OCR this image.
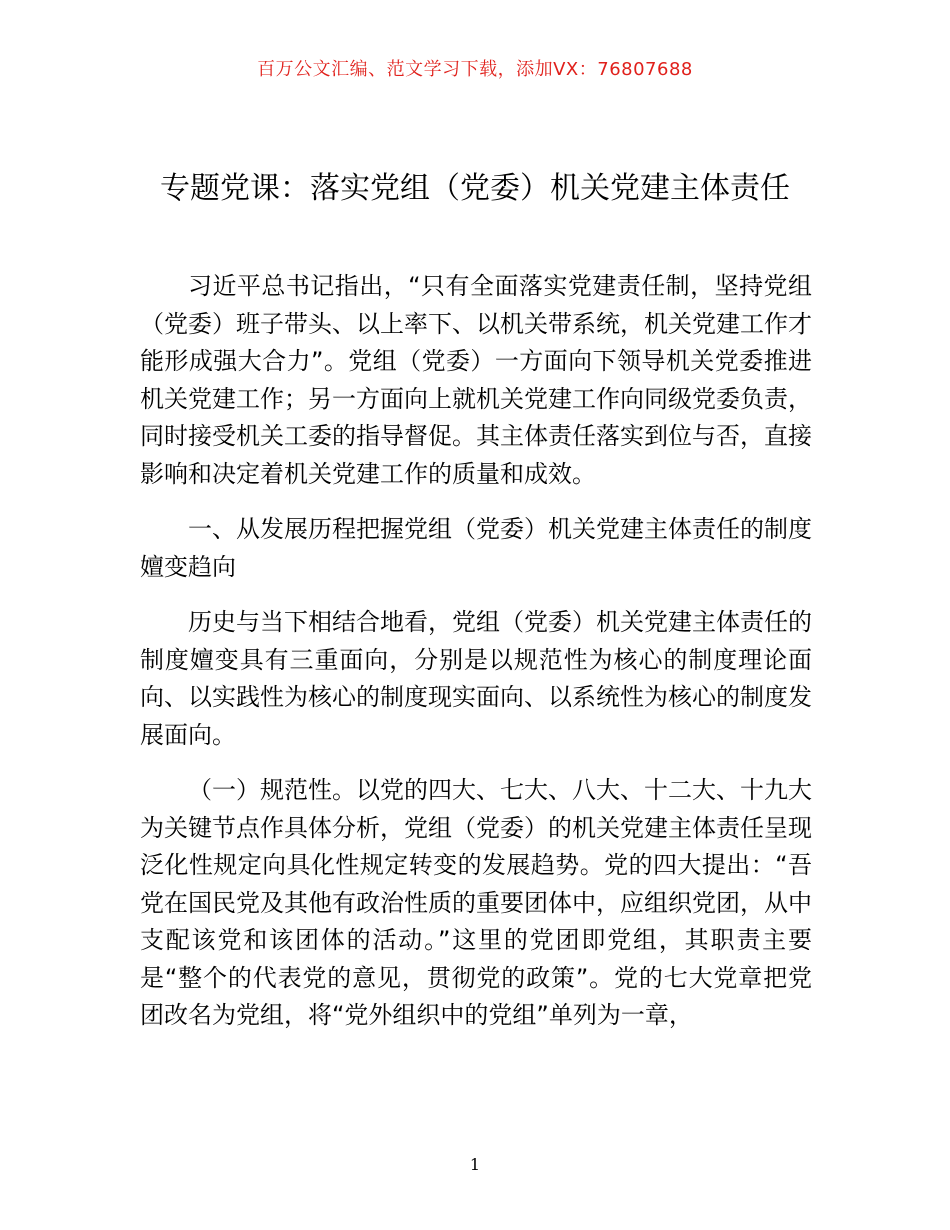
百万公文汇编、范文学习下载，添加VX：76807688
专题党课：落实党组（党委）机关党建主体责任

习近平总书记指出，“只有全面落实党建责任制，坚持党组（党委）班子带头、以上率下、以机关带系统，机关党建工作才能形成强大合力”。党组（党委）一方面向下领导机关党委推进机关党建工作；另一方面向上就机关党建工作向同级党委负责，同时接受机关工委的指导督促。其主体责任落实到位与否，直接影响和决定着机关党建工作的质量和成效。

一、从发展历程把握党组（党委）机关党建主体责任的制度嬗变趋向

历史与当下相结合地看，党组（党委）机关党建主体责任的制度嬗变具有三重面向，分别是以规范性为核心的制度理论面向、以实践性为核心的制度现实面向、以系统性为核心的制度发展面向。

（一）规范性。以党的四大、七大、八大、十二大、十九大为关键节点作具体分析，党组（党委）的机关党建主体责任呈现泛化性规定向具化性规定转变的发展趋势。党的四大提出：“吾党在国民党及其他有政治性质的重要团体中，应组织党团，从中支配该党和该团体的活动。”这里的党团即党组，其职责主要是“整个的代表党的意见，贯彻党的政策”。党的七大党章把党团改名为党组，将“党外组织中的党组”单列为一章，

1
